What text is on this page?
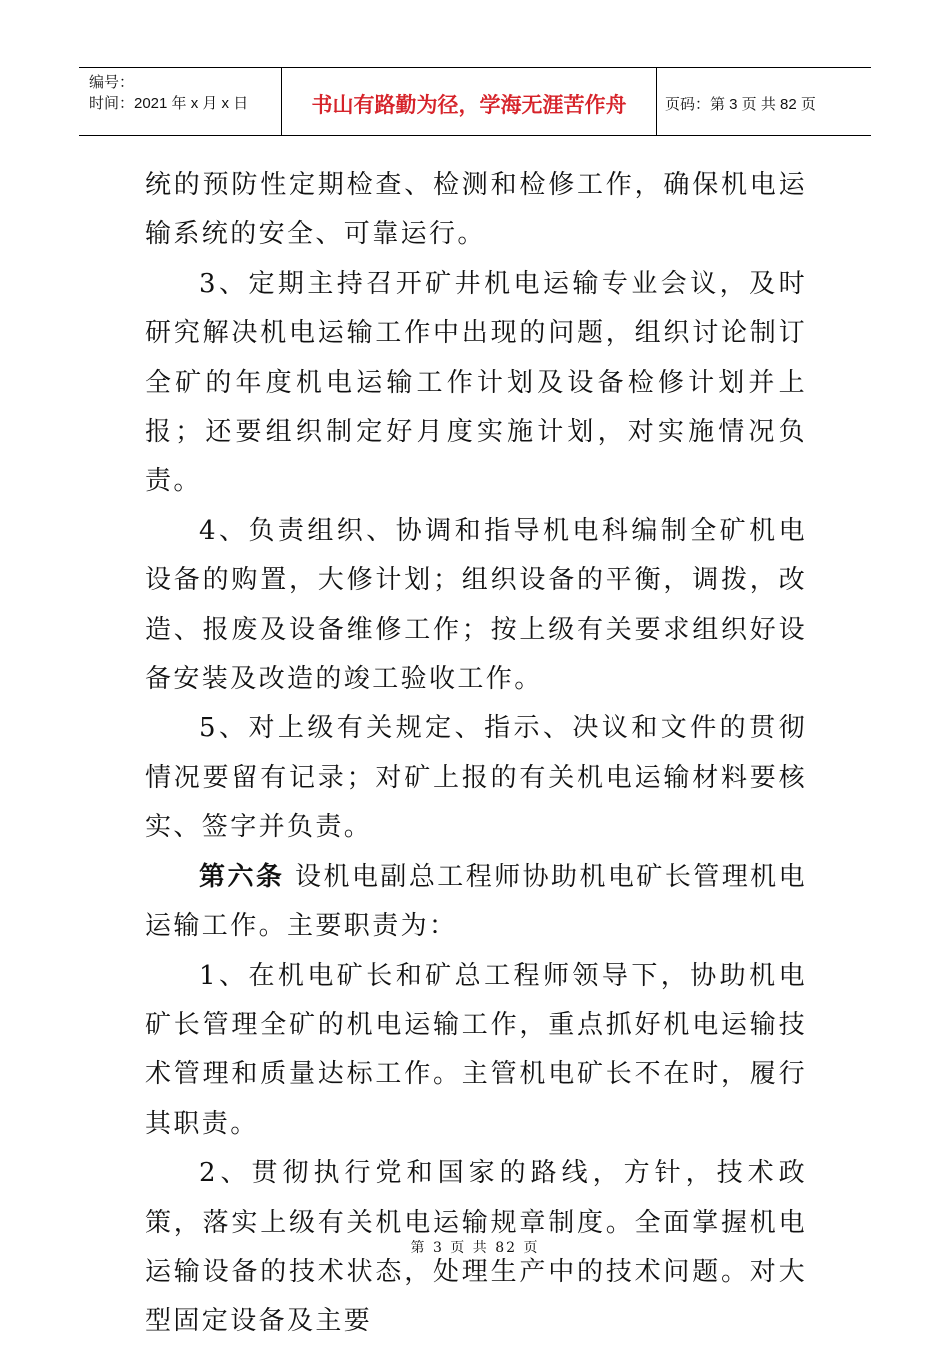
编号：
时间：2021 年 x 月 x 日	书山有路勤为径，学海无涯苦作舟	页码：第 3 页 共 82 页

统的预防性定期检查、检测和检修工作，确保机电运输系统的安全、可靠运行。

3、定期主持召开矿井机电运输专业会议，及时研究解决机电运输工作中出现的问题，组织讨论制订全矿的年度机电运输工作计划及设备检修计划并上报；还要组织制定好月度实施计划，对实施情况负责。

4、负责组织、协调和指导机电科编制全矿机电设备的购置，大修计划；组织设备的平衡，调拨，改造、报废及设备维修工作；按上级有关要求组织好设备安装及改造的竣工验收工作。

5、对上级有关规定、指示、决议和文件的贯彻情况要留有记录；对矿上报的有关机电运输材料要核实、签字并负责。

第六条 设机电副总工程师协助机电矿长管理机电运输工作。主要职责为：

1、在机电矿长和矿总工程师领导下，协助机电矿长管理全矿的机电运输工作，重点抓好机电运输技术管理和质量达标工作。主管机电矿长不在时，履行其职责。

2、贯彻执行党和国家的路线，方针，技术政策，落实上级有关机电运输规章制度。全面掌握机电运输设备的技术状态，处理生产中的技术问题。对大型固定设备及主要

第 3 页 共 82 页
